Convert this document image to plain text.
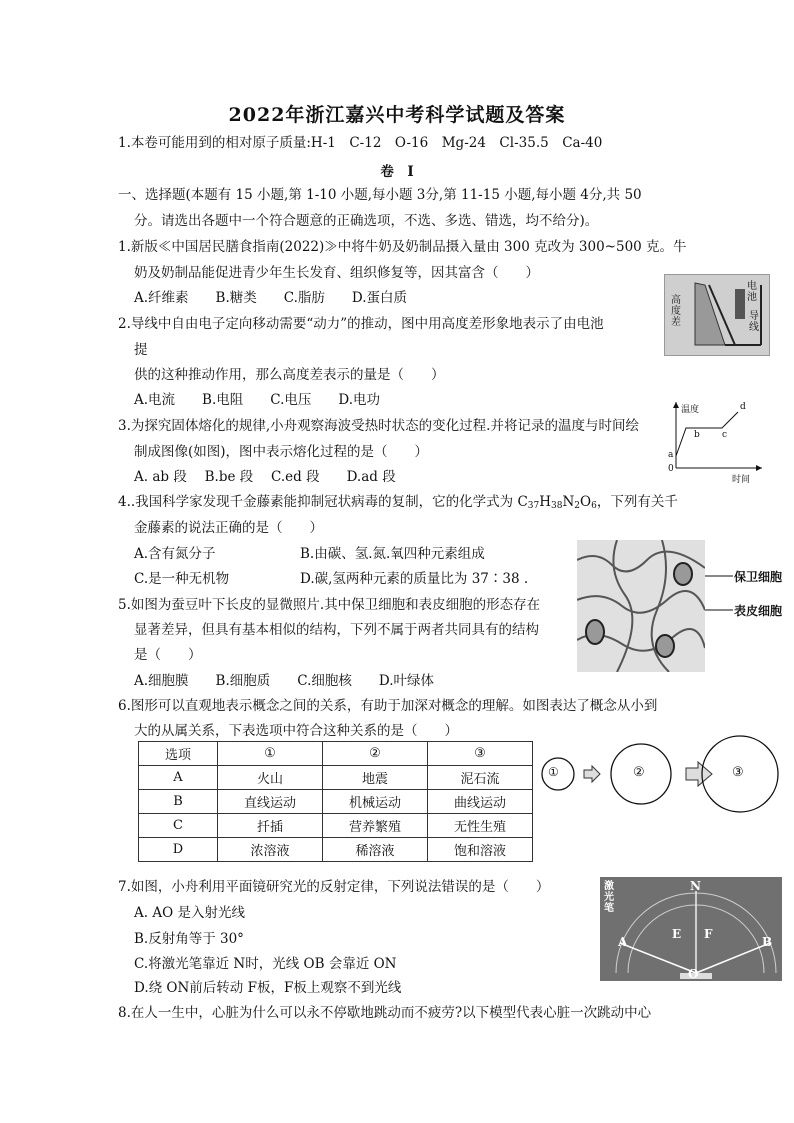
2022年浙江嘉兴中考科学试题及答案
1.本卷可能用到的相对原子质量:H-1　C-12　O-16　Mg-24　Cl-35.5　Ca-40
卷　I
一、选择题(本题有 15 小题,第 1-10 小题,每小题 3分,第 11-15 小题,每小题 4分,共 50
分。请选出各题中一个符合题意的正确选项，不选、多选、错选，均不给分)。
1.新版≪中国居民膳食指南(2022)≫中将牛奶及奶制品摄入量由 300 克改为 300~500 克。牛
奶及奶制品能促进青少年生长发育、组织修复等，因其富含（　　）
A.纤维素　　B.糖类　　C.脂肪　　D.蛋白质	高度差
电池
导线
2.导线中自由电子定向移动需要“动力”的推动，图中用高度差形象地表示了由电池
提
供的这种推动作用，那么高度差表示的量是（　　）
A.电流　　B.电阻　　C.电压　　D.电功
温度
时间
0
a
b c
d
3.为探究固体熔化的规律,小舟观察海波受热时状态的变化过程.并将记录的温度与时间绘
制成图像(如图)，图中表示熔化过程的是（　　）
A. ab 段　 B.be 段　 C.ed 段　　D.ad 段
4..我国科学家发现千金藤素能抑制冠状病毒的复制，它的化学式为 $C_{37}H_{38}N_2O_6$，下列有关千
金藤素的说法正确的是（　　）
A.含有氮分子	B.由碳、氢.氮.氧四种元素组成
C.是一种无机物	D.碳,氢两种元素的质量比为 37∶38 .	保卫细胞
表皮细胞
5.如图为蚕豆叶下长皮的显微照片.其中保卫细胞和表皮细胞的形态存在
显著差异，但具有基本相似的结构，下列不属于两者共同具有的结构
是（　　）
A.细胞膜　　B.细胞质　　C.细胞核　　D.叶绿体
6.图形可以直观地表示概念之间的关系，有助于加深对概念的理解。如图表达了概念从小到
大的从属关系，下表选项中符合这种关系的是（　　）
选项	①	②	③
A	火山	地震	泥石流
B	直线运动	机械运动	曲线运动
C	扦插	营养繁殖	无性生殖
D	浓溶液	稀溶液	饱和溶液
①	②	③
7.如图，小舟利用平面镜研究光的反射定律，下列说法错误的是（　　）
A. AO 是入射光线
B.反射角等于 30°
C.将激光笔靠近 N时，光线 OB 会靠近 ON
D.绕 ON前后转动 F板，F板上观察不到光线
激光笔
N
O
A	B
E F
8.在人一生中，心脏为什么可以永不停歇地跳动而不疲劳?以下模型代表心脏一次跳动中心
